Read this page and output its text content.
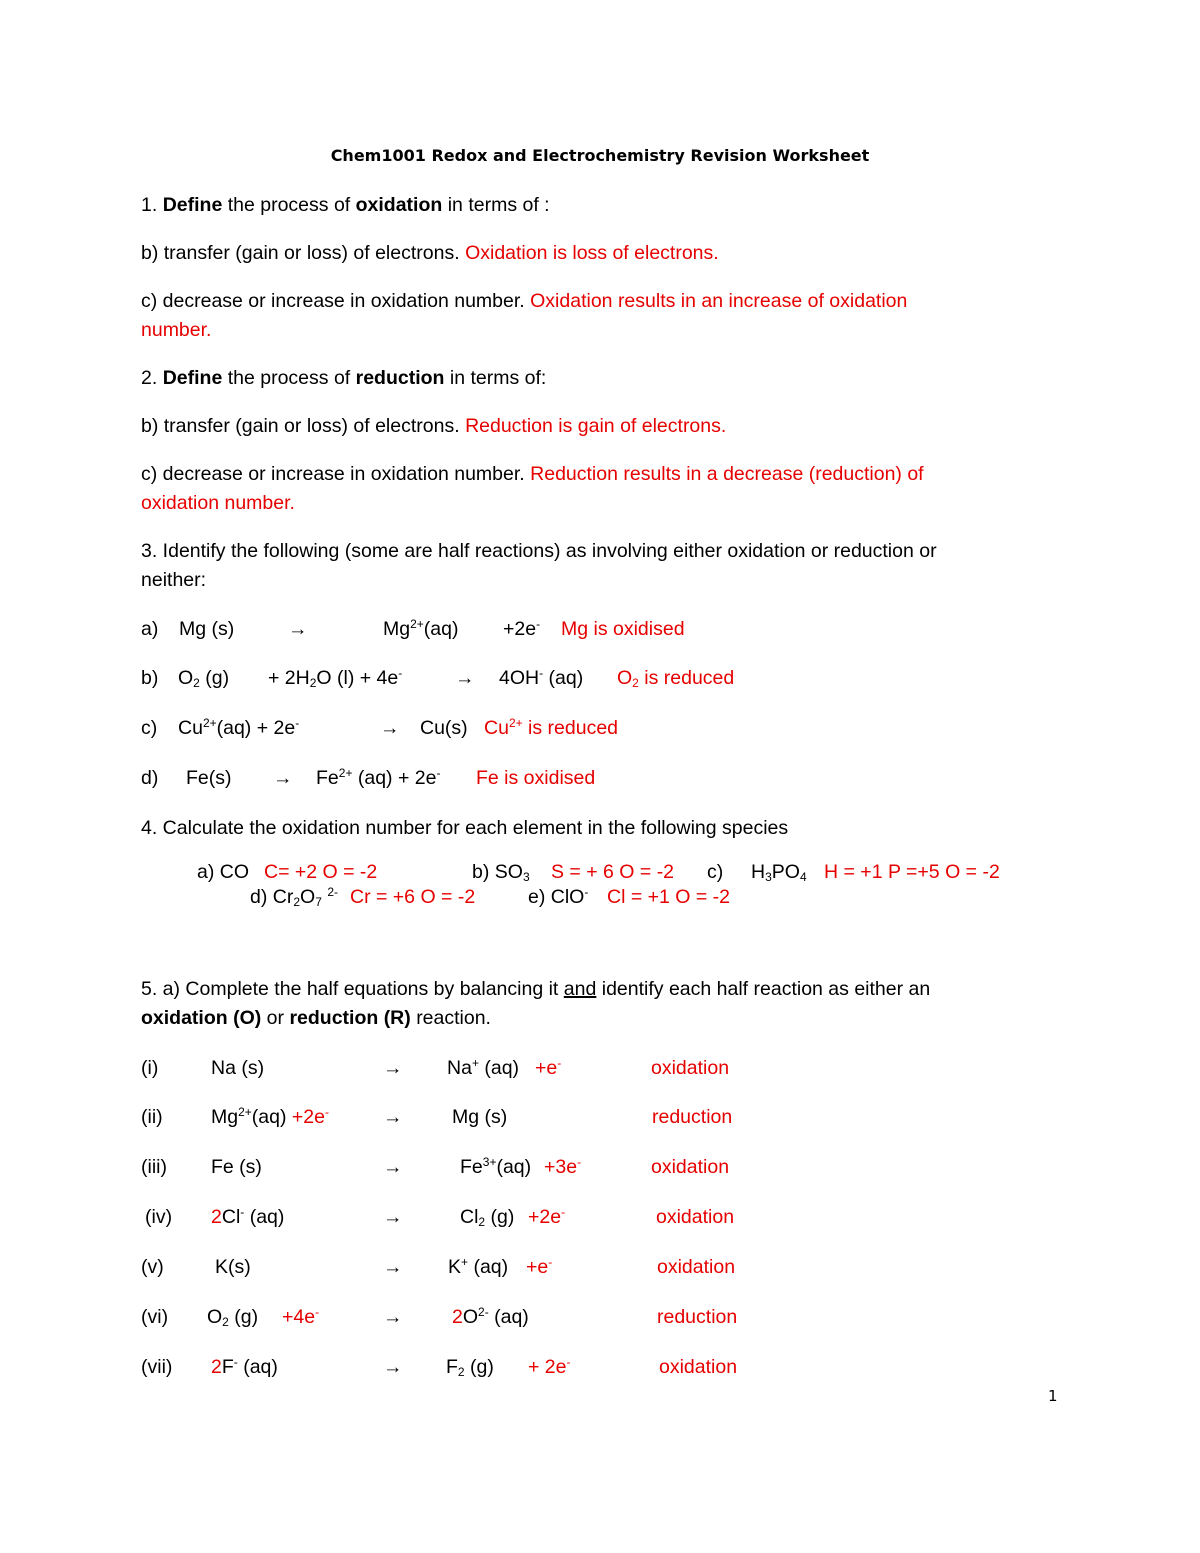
Chem1001 Redox and Electrochemistry Revision Worksheet
1. Define the process of oxidation in terms of :
b) transfer (gain or loss) of electrons. Oxidation is loss of electrons.
c) decrease or increase in oxidation number. Oxidation results in an increase of oxidation
number.
2. Define the process of reduction in terms of:
b) transfer (gain or loss) of electrons. Reduction is gain of electrons.
c) decrease or increase in oxidation number. Reduction results in a decrease (reduction) of
oxidation number.
3. Identify the following (some are half reactions) as involving either oxidation or reduction or
neither:
a) Mg (s)	→	$Mg^{2+}(aq) +2e^-$ Mg is oxidised
b) $O_2$ $(g) + 2H_2O$ (l) + 4e-	→ 4OH- (aq) $O_2$ is reduced
c) $Cu^{2+}(aq) + 2e^-$	→ Cu(s) $Cu^{2+}$ is reduced
d) $Fe(s) \to Fe^{2+}$ (aq) + 2e- Fe is oxidised
4. Calculate the oxidation number for each element in the following species
a) CO C= +2 O = -2	b) $SO_3$ S = + 6 O = -2 c) $H_3PO_4$ H = +1 P =+5 O = -2
d) $Cr_2O_7$ $^{2-}$ Cr = +6 O = -2	e) ClO- Cl = +1 O = -2
5. a) Complete the half equations by balancing it and identify each half reaction as either an
oxidation (O) or reduction (R) reaction.
(i)	Na (s)	→ Na+ (aq) +e-	oxidation
(ii) $Mg^{2+}(aq) +2e^-$	→	Mg (s)	reduction
(iii) Fe (s)	→	$Fe^{3+}(aq) +3e^-$	oxidation
(iv) 2Cl- (aq)	→	$Cl_2$ (g) +2e-	oxidation
(v)	K(s)	→ K+ (aq) +e-	oxidation
(vi) $O_2$ (g) +4e-	→	$2O^{2-}$ (aq)	reduction
(vii) 2F- (aq)	→ $F_2$ (g) + 2e-	oxidation
1
